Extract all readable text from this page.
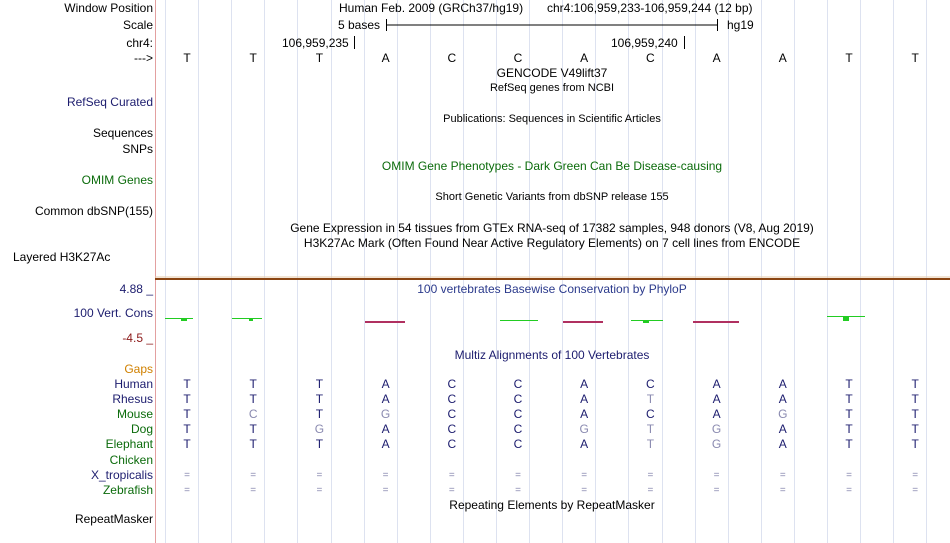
Window Position	Human Feb. 2009 (GRCh37/hg19) chr4:106,959,233-106,959,244 (12 bp)
Scale	5 bases	hg19
chr4:	106,959,235	106,959,240
--->	T	T	T	A	C	C	A	C	A	A	T	T
GENCODE V49lift37
RefSeq genes from NCBI
RefSeq Curated
Publications: Sequences in Scientific Articles
Sequences
SNPs
OMIM Gene Phenotypes - Dark Green Can Be Disease-causing
OMIM Genes
Short Genetic Variants from dbSNP release 155
Common dbSNP(155)
Gene Expression in 54 tissues from GTEx RNA-seq of 17382 samples, 948 donors (V8, Aug 2019)
H3K27Ac Mark (Often Found Near Active Regulatory Elements) on 7 cell lines from ENCODE
Layered H3K27Ac
4.88 _	100 vertebrates Basewise Conservation by PhyloP
100 Vert. Cons
-4.5 _
Multiz Alignments of 100 Vertebrates
Gaps
Human	T	T	T	A	C	C	A	C	A	A	T	T
Rhesus	T	T	T	A	C	C	A	T	A	A	T	T
Mouse	T	C	T	G	C	C	A	C	A	G	T	T
Dog	T	T	G	A	C	C	G	T	G	A	T	T
Elephant	T	T	T	A	C	C	A	T	G	A	T	T
Chicken
X_tropicalis	=	=	=	=	=	=	=	=	=	=	=	=
Zebrafish	=	=	=	=	=	=	=	=	=	=	=	=
Repeating Elements by RepeatMasker
RepeatMasker
